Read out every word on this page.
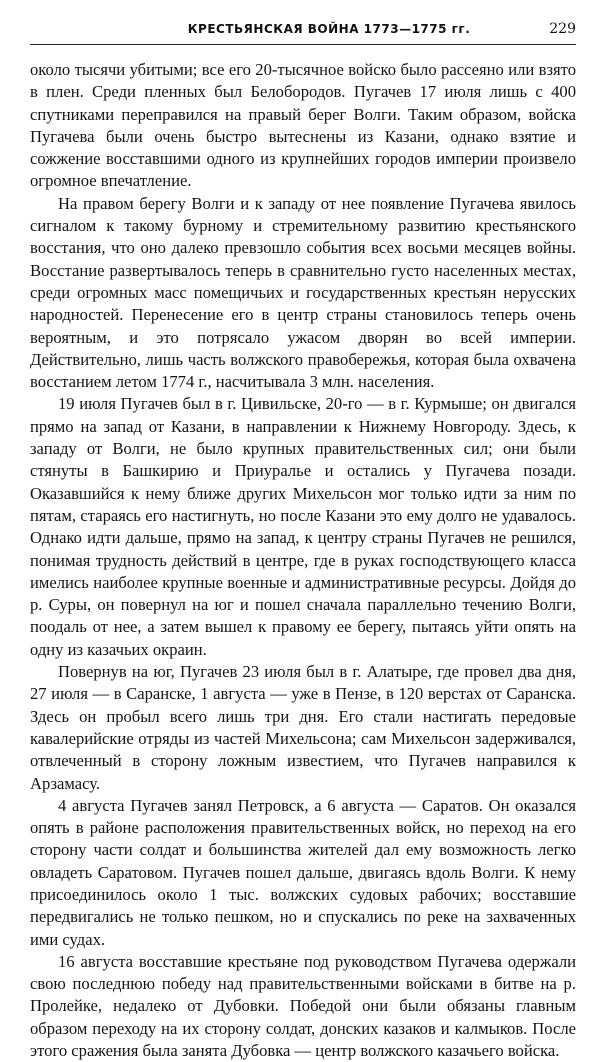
КРЕСТЬЯНСКАЯ ВОЙНА 1773—1775 гг.	229

около тысячи убитыми; все его 20-тысячное войско было рассеяно или взято в плен. Среди пленных был Белобородов. Пугачев 17 июля лишь с 400 спутниками переправился на правый берег Волги. Таким образом, войска Пугачева были очень быстро вытеснены из Казани, однако взятие и сожжение восставшими одного из крупнейших городов империи произвело огромное впечатление.

На правом берегу Волги и к западу от нее появление Пугачева явилось сигналом к такому бурному и стремительному развитию крестьянского восстания, что оно далеко превзошло события всех восьми месяцев войны. Восстание развертывалось теперь в сравнительно густо населенных местах, среди огромных масс помещичьих и государственных крестьян нерусских народностей. Перенесение его в центр страны становилось теперь очень вероятным, и это потрясало ужасом дворян во всей империи. Действительно, лишь часть волжского правобережья, которая была охвачена восстанием летом 1774 г., насчитывала 3 млн. населения.

19 июля Пугачев был в г. Цивильске, 20-го — в г. Курмыше; он двигался прямо на запад от Казани, в направлении к Нижнему Новгороду. Здесь, к западу от Волги, не было крупных правительственных сил; они были стянуты в Башкирию и Приуралье и остались у Пугачева позади. Оказавшийся к нему ближе других Михельсон мог только идти за ним по пятам, стараясь его настигнуть, но после Казани это ему долго не удавалось. Однако идти дальше, прямо на запад, к центру страны Пугачев не решился, понимая трудность действий в центре, где в руках господствующего класса имелись наиболее крупные военные и административные ресурсы. Дойдя до р. Суры, он повернул на юг и пошел сначала параллельно течению Волги, поодаль от нее, а затем вышел к правому ее берегу, пытаясь уйти опять на одну из казачьих окраин.

Повернув на юг, Пугачев 23 июля был в г. Алатыре, где провел два дня, 27 июля — в Саранске, 1 августа — уже в Пензе, в 120 верстах от Саранска. Здесь он пробыл всего лишь три дня. Его стали настигать передовые кавалерийские отряды из частей Михельсона; сам Михельсон задерживался, отвлеченный в сторону ложным известием, что Пугачев направился к Арзамасу.

4 августа Пугачев занял Петровск, а 6 августа — Саратов. Он оказался опять в районе расположения правительственных войск, но переход на его сторону части солдат и большинства жителей дал ему возможность легко овладеть Саратовом. Пугачев пошел дальше, двигаясь вдоль Волги. К нему присоединилось около 1 тыс. волжских судовых рабочих; восставшие передвигались не только пешком, но и спускались по реке на захваченных ими судах.

16 августа восставшие крестьяне под руководством Пугачева одержали свою последнюю победу над правительственными войсками в битве на р. Пролейке, недалеко от Дубовки. Победой они были обязаны главным образом переходу на их сторону солдат, донских казаков и калмыков. После этого сражения была занята Дубовка — центр волжского казачьего войска.
